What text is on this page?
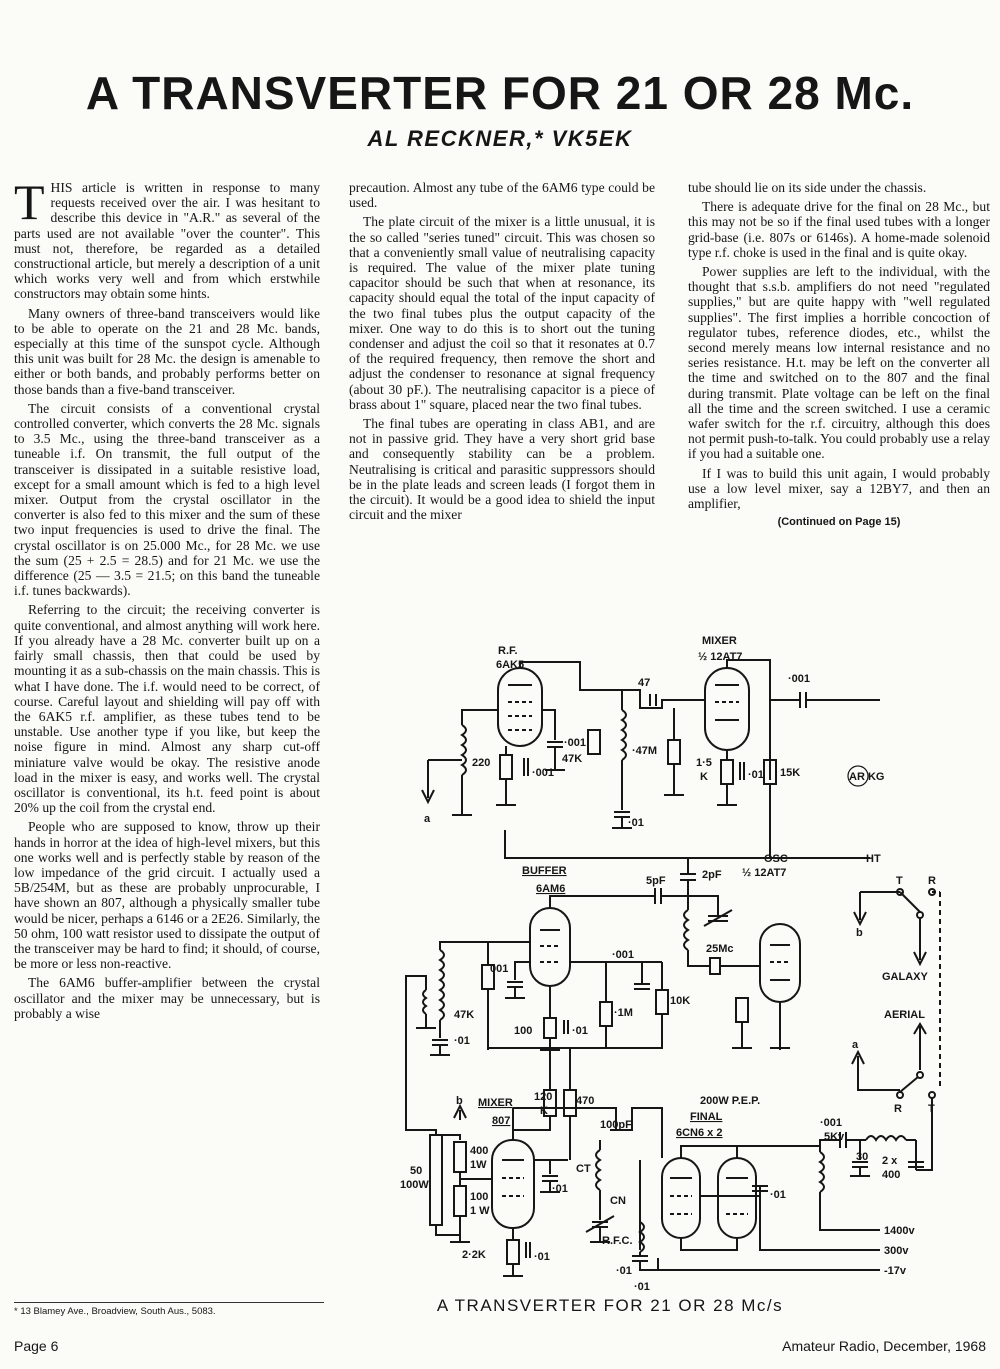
A TRANSVERTER FOR 21 OR 28 Mc.
AL RECKNER,* VK5EK

THIS article is written in response to many requests received over the air. I was hesitant to describe this device in "A.R." as several of the parts used are not available "over the counter". This must not, therefore, be regarded as a detailed constructional article, but merely a description of a unit which works very well and from which erstwhile constructors may obtain some hints.

Many owners of three-band transceivers would like to be able to operate on the 21 and 28 Mc. bands, especially at this time of the sunspot cycle. Although this unit was built for 28 Mc. the design is amenable to either or both bands, and probably performs better on those bands than a five-band transceiver.

The circuit consists of a conventional crystal controlled converter, which converts the 28 Mc. signals to 3.5 Mc., using the three-band transceiver as a tuneable i.f. On transmit, the full output of the transceiver is dissipated in a suitable resistive load, except for a small amount which is fed to a high level mixer. Output from the crystal oscillator in the converter is also fed to this mixer and the sum of these two input frequencies is used to drive the final. The crystal oscillator is on 25.000 Mc., for 28 Mc. we use the sum (25 + 2.5 = 28.5) and for 21 Mc. we use the difference (25 — 3.5 = 21.5; on this band the tuneable i.f. tunes backwards).

Referring to the circuit; the receiving converter is quite conventional, and almost anything will work here. If you already have a 28 Mc. converter built up on a fairly small chassis, then that could be used by mounting it as a sub-chassis on the main chassis. This is what I have done. The i.f. would need to be correct, of course. Careful layout and shielding will pay off with the 6AK5 r.f. amplifier, as these tubes tend to be unstable. Use another type if you like, but keep the noise figure in mind. Almost any sharp cut-off miniature valve would be okay. The resistive anode load in the mixer is easy, and works well. The crystal oscillator is conventional, its h.t. feed point is about 20% up the coil from the crystal end.

People who are supposed to know, throw up their hands in horror at the idea of high-level mixers, but this one works well and is perfectly stable by reason of the low impedance of the grid circuit. I actually used a 5B/254M, but as these are probably unprocurable, I have shown an 807, although a physically smaller tube would be nicer, perhaps a 6146 or a 2E26. Similarly, the 50 ohm, 100 watt resistor used to dissipate the output of the transceiver may be hard to find; it should, of course, be more or less non-reactive.

The 6AM6 buffer-amplifier between the crystal oscillator and the mixer may be unnecessary, but is probably a wise

precaution. Almost any tube of the 6AM6 type could be used.

The plate circuit of the mixer is a little unusual, it is the so called "series tuned" circuit. This was chosen so that a conveniently small value of neutralising capacity is required. The value of the mixer plate tuning capacitor should be such that when at resonance, its capacity should equal the total of the input capacity of the two final tubes plus the output capacity of the mixer. One way to do this is to short out the tuning condenser and adjust the coil so that it resonates at 0.7 of the required frequency, then remove the short and adjust the condenser to resonance at signal frequency (about 30 pF.). The neutralising capacitor is a piece of brass about 1" square, placed near the two final tubes.

The final tubes are operating in class AB1, and are not in passive grid. They have a very short grid base and consequently stability can be a problem. Neutralising is critical and parasitic suppressors should be in the plate leads and screen leads (I forgot them in the circuit). It would be a good idea to shield the input circuit and the mixer

tube should lie on its side under the chassis.

There is adequate drive for the final on 28 Mc., but this may not be so if the final used tubes with a longer grid-base (i.e. 807s or 6146s). A home-made solenoid type r.f. choke is used in the final and is quite okay.

Power supplies are left to the individual, with the thought that s.s.b. amplifiers do not need "regulated supplies," but are quite happy with "well regulated supplies". The first implies a horrible concoction of regulator tubes, reference diodes, etc., whilst the second merely means low internal resistance and no series resistance. H.t. may be left on the converter all the time and switched on to the 807 and the final during transmit. Plate voltage can be left on the final all the time and the screen switched. I use a ceramic wafer switch for the r.f. circuitry, although this does not permit push-to-talk. You could probably use a relay if you had a suitable one.

If I was to build this unit again, I would probably use a low level mixer, say a 12BY7, and then an amplifier,

(Continued on Page 15)
R.F.
6AK5
MIXER
½ 12AT7
47	·001
15K
HT
a
220
·001
·001
47K
·01
·47M
1·5
K	·01	AR KG
BUFFER
6AM6
OSC
½ 12AT7
5pF	2pF
25Mc
47K
·01
001
100	·01
·001
·1M
10K
T R
b
GALAXY
AERIAL
a
R T
MIXER
807
200W P.E.P.
FINAL
6CN6 x 2
b
400
1W
100
1 W
50
100W
120
K
470
·01
100pF
CT
CN
2·2K	·01
·01
R.F.C.
-17v
·001
5Kv
30 2 x
400
1400v
·01
300v
·01
* 13 Blamey Ave., Broadview, South Aus., 5083.	A TRANSVERTER FOR 21 OR 28 Mc/s
Page 6	Amateur Radio, December, 1968
